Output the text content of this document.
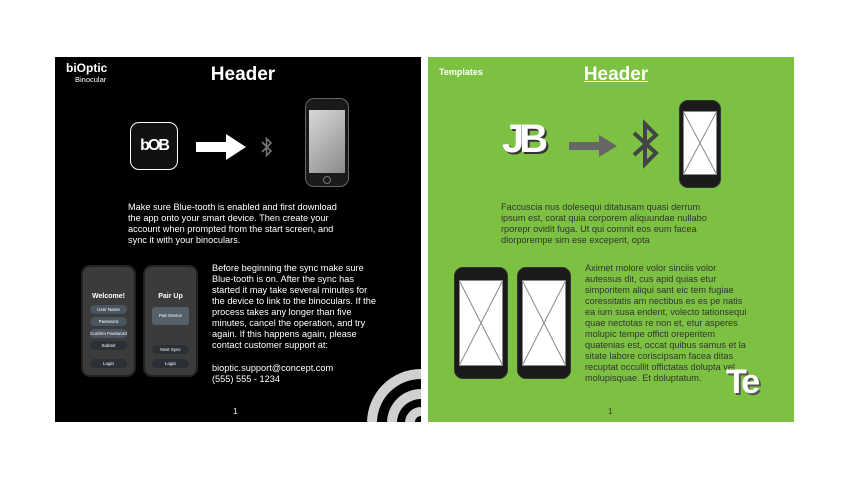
biOptic
Binocular	Header
bOB
Make sure Blue-tooth is enabled and first download the app onto your smart device. Then create your account when prompted from the start screen, and sync it with your binoculars.
Welcome!
User Name
Password
Confirm Password
Submit
Login
Pair Up
Pair Device
Next Sync
Login
Before beginning the sync make sure Blue-tooth is on. After the sync has started it may take several minutes for the device to link to the binoculars. If the process takes any longer than five minutes, cancel the operation, and try again. If this happens again, please contact customer support at:
bioptic.support@concept.com
(555) 555 - 1234
1
Templates	Header
JB
Faccuscia nus dolesequi ditatusam quasi derrum ipsum est, corat quia corporem aliquundae nullabo rporepr ovidit fuga. Ut qui comnit eos eum facea dlorporempe sim ese exceperit, opta
Aximet molore volor sinciis volor autessus dit, cus apid quias etur simporitem aliqui sant eic tem fugiae coressitatis am nectibus es es pe natis ea ium susa endent, volecto tationsequi quae nectotas re non et, etur asperes molupic tempe officti oreperitem quatenias est, occat quibus samus et la sitate labore coriscipsam facea ditas recuptat occullit offictatas dolupta vel molupisquae. Et doluptatum. Te
1
